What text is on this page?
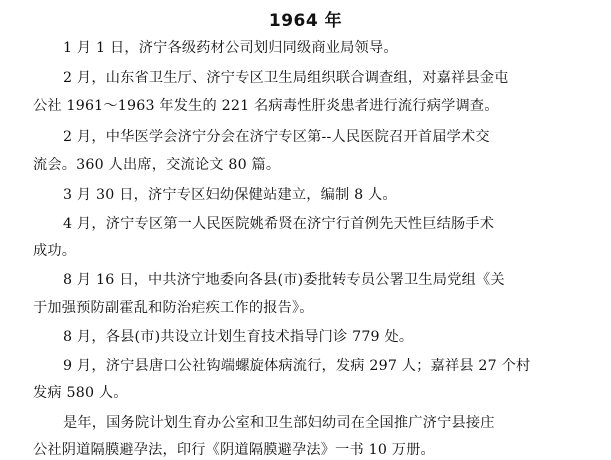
1964 年
1 月 1 日，济宁各级药材公司划归同级商业局领导。
2 月，山东省卫生厅、济宁专区卫生局组织联合调查组，对嘉祥县金屯
公社 1961～1963 年发生的 221 名病毒性肝炎患者进行流行病学调查。
2 月，中华医学会济宁分会在济宁专区第--人民医院召开首届学术交
流会。360 人出席，交流论文 80 篇。
3 月 30 日，济宁专区妇幼保健站建立，编制 8 人。
4 月，济宁专区第一人民医院姚希贤在济宁行首例先天性巨结肠手术
成功。
8 月 16 日，中共济宁地委向各县(市)委批转专员公署卫生局党组《关
于加强预防副霍乱和防治疟疾工作的报告》。
8 月，各县(市)共设立计划生育技术指导门诊 779 处。
9 月，济宁县唐口公社钩端螺旋体病流行，发病 297 人；嘉祥县 27 个村
发病 580 人。
是年，国务院计划生育办公室和卫生部妇幼司在全国推广济宁县接庄
公社阴道隔膜避孕法，印行《阴道隔膜避孕法》一书 10 万册。
